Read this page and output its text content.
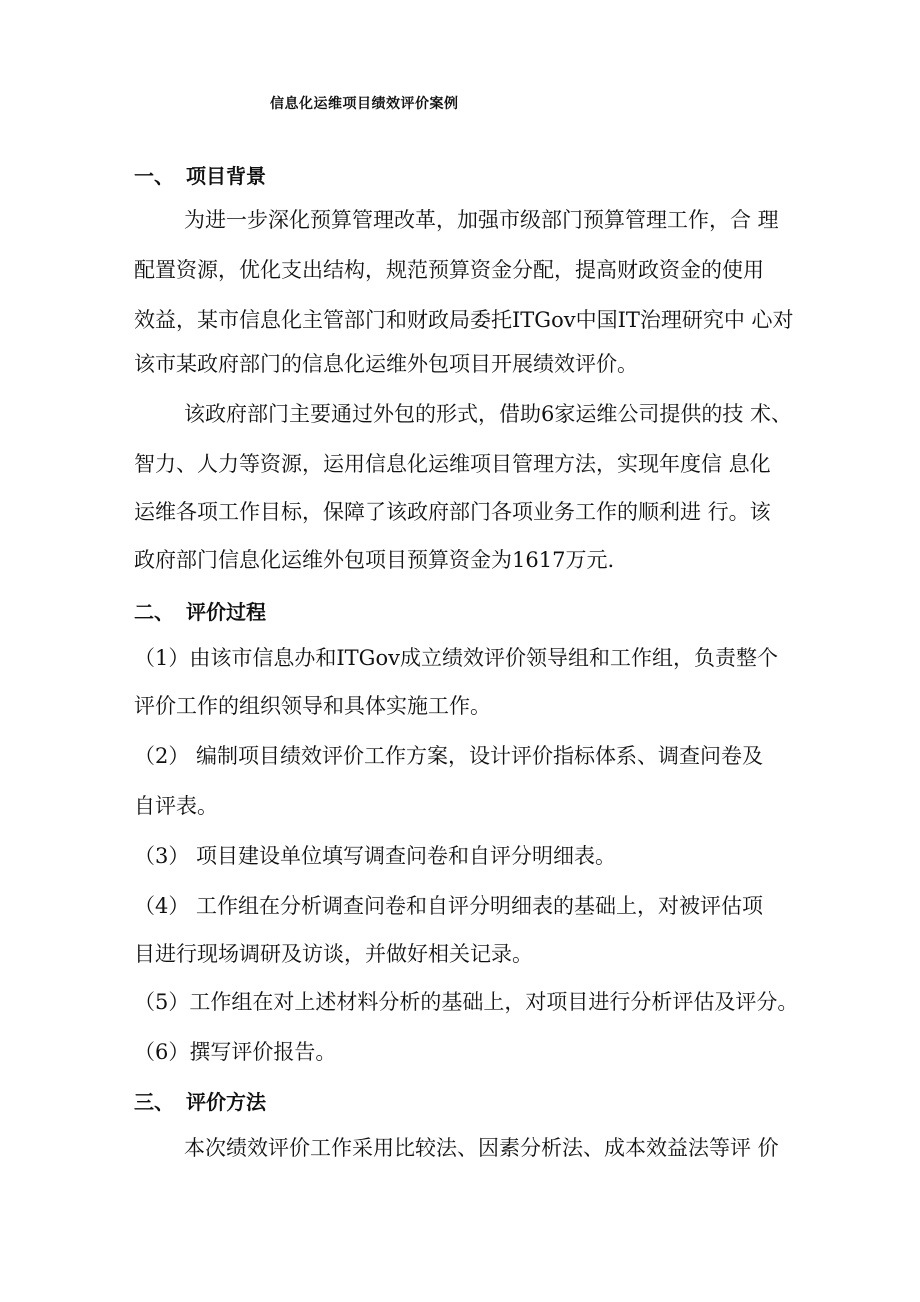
信息化运维项目绩效评价案例
一、 项目背景
为进一步深化预算管理改革，加强市级部门预算管理工作，合 理
配置资源，优化支出结构，规范预算资金分配，提高财政资金的使用
效益，某市信息化主管部门和财政局委托ITGov中国IT治理研究中 心对
该市某政府部门的信息化运维外包项目开展绩效评价。
该政府部门主要通过外包的形式，借助6家运维公司提供的技 术、
智力、人力等资源，运用信息化运维项目管理方法，实现年度信 息化
运维各项工作目标，保障了该政府部门各项业务工作的顺利进 行。该
政府部门信息化运维外包项目预算资金为1617万元.
二、 评价过程
（1）由该市信息办和ITGov成立绩效评价领导组和工作组，负责整个
评价工作的组织领导和具体实施工作。
（2） 编制项目绩效评价工作方案，设计评价指标体系、调查问卷及
自评表。
（3） 项目建设单位填写调查问卷和自评分明细表。
（4） 工作组在分析调查问卷和自评分明细表的基础上，对被评估项
目进行现场调研及访谈，并做好相关记录。
（5）工作组在对上述材料分析的基础上，对项目进行分析评估及评分。
（6）撰写评价报告。
三、 评价方法
本次绩效评价工作采用比较法、因素分析法、成本效益法等评 价
